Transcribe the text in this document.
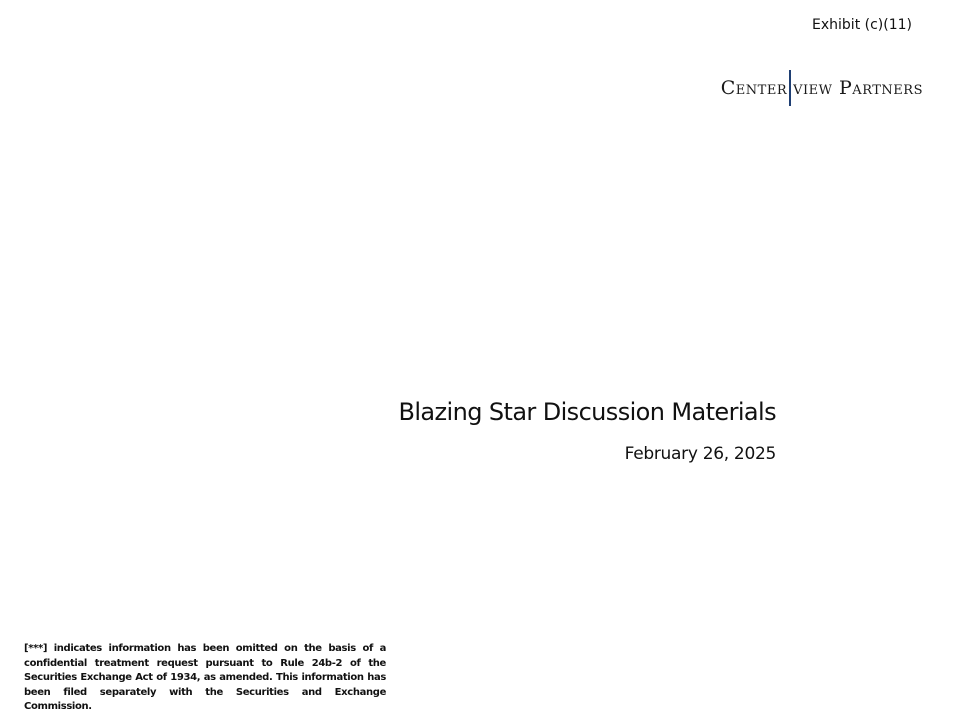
Exhibit (c)(11)
Center view Partners
Blazing Star Discussion Materials
February 26, 2025
[***] indicates information has been omitted on the basis of a confidential treatment request pursuant to Rule 24b-2 of the Securities Exchange Act of 1934, as amended. This information has been filed separately with the Securities and Exchange Commission.
